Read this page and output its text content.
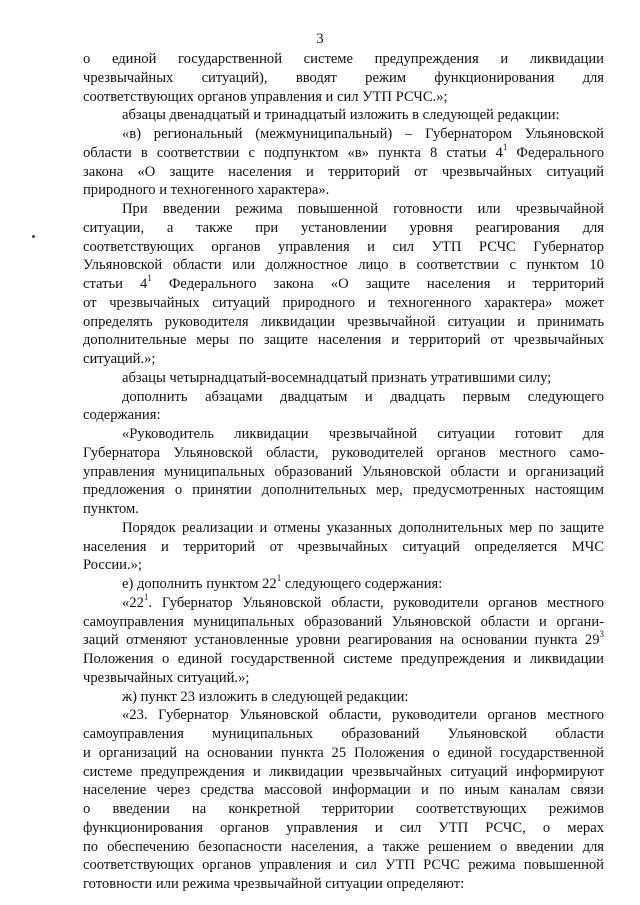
3
о единой государственной системе предупреждения и ликвидации
чрезвычайных ситуаций), вводят режим функционирования для
соответствующих органов управления и сил УТП РСЧС.»;
абзацы двенадцатый и тринадцатый изложить в следующей редакции:
«в) региональный (межмуниципальный) – Губернатором Ульяновской
области в соответствии с подпунктом «в» пункта 8 статьи $4^1$ Федерального
закона «О защите населения и территорий от чрезвычайных ситуаций
природного и техногенного характера».
При введении режима повышенной готовности или чрезвычайной
ситуации, а также при установлении уровня реагирования для
соответствующих органов управления и сил УТП РСЧС Губернатор
Ульяновской области или должностное лицо в соответствии с пунктом 10
статьи $4^1$ Федерального закона «О защите населения и территорий
от чрезвычайных ситуаций природного и техногенного характера» может
определять руководителя ликвидации чрезвычайной ситуации и принимать
дополнительные меры по защите населения и территорий от чрезвычайных
ситуаций.»;
абзацы четырнадцатый-восемнадцатый признать утратившими силу;
дополнить абзацами двадцатым и двадцать первым следующего
содержания:
«Руководитель ликвидации чрезвычайной ситуации готовит для
Губернатора Ульяновской области, руководителей органов местного само-
управления муниципальных образований Ульяновской области и организаций
предложения о принятии дополнительных мер, предусмотренных настоящим
пунктом.
Порядок реализации и отмены указанных дополнительных мер по защите
населения и территорий от чрезвычайных ситуаций определяется МЧС
России.»;
е) дополнить пунктом $22^1$ следующего содержания:
«$22^1$. Губернатор Ульяновской области, руководители органов местного
самоуправления муниципальных образований Ульяновской области и органи-
заций отменяют установленные уровни реагирования на основании пункта $29^3$
Положения о единой государственной системе предупреждения и ликвидации
чрезвычайных ситуаций.»;
ж) пункт 23 изложить в следующей редакции:
«23. Губернатор Ульяновской области, руководители органов местного
самоуправления муниципальных образований Ульяновской области
и организаций на основании пункта 25 Положения о единой государственной
системе предупреждения и ликвидации чрезвычайных ситуаций информируют
население через средства массовой информации и по иным каналам связи
о введении на конкретной территории соответствующих режимов
функционирования органов управления и сил УТП РСЧС, о мерах
по обеспечению безопасности населения, а также решением о введении для
соответствующих органов управления и сил УТП РСЧС режима повышенной
готовности или режима чрезвычайной ситуации определяют:
